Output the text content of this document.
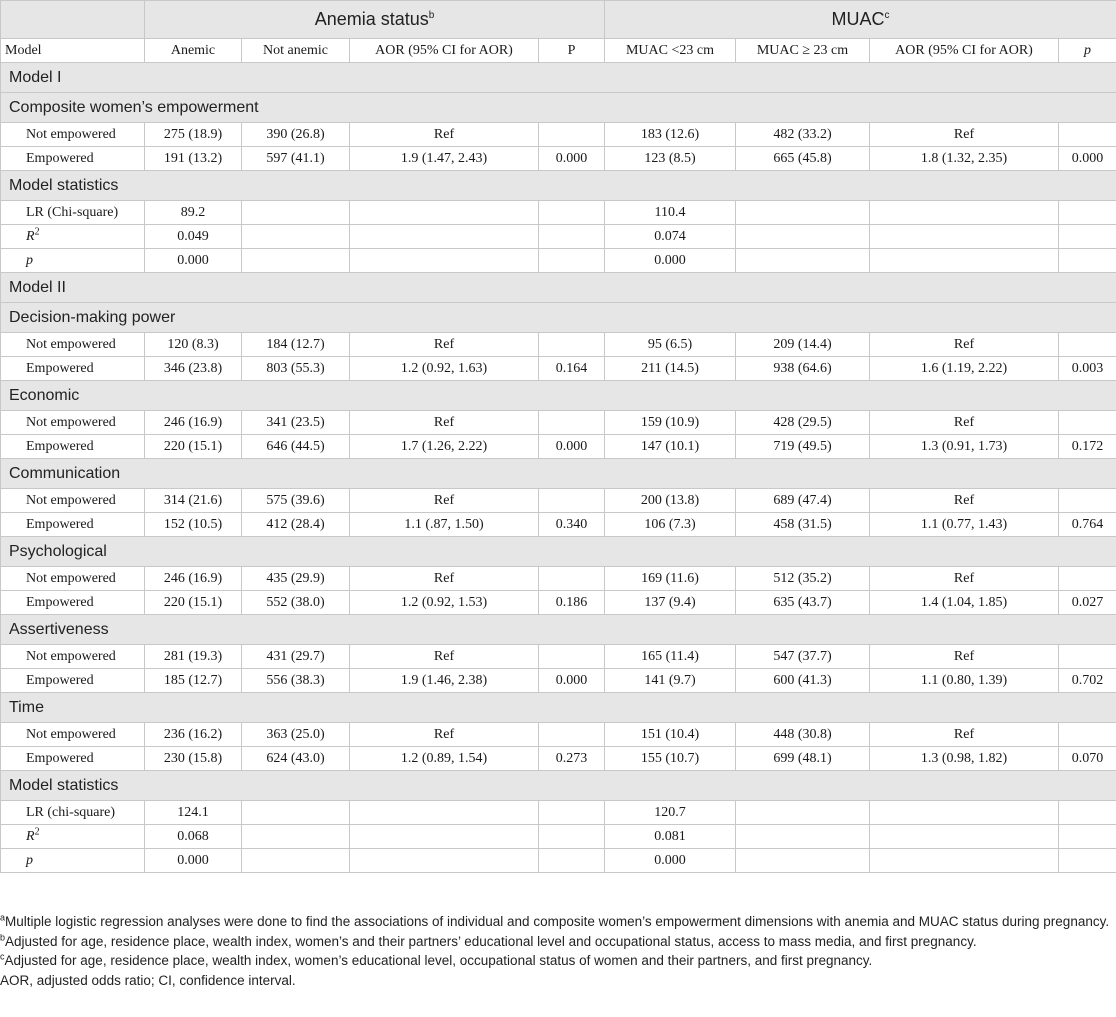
	Anemia status$^b$				MUAC$^c$
Model	Anemic	Not anemic	AOR (95% CI for AOR)	P	MUAC <23 cm	MUAC ≥ 23 cm	AOR (95% CI for AOR)	p
Model I								
Composite women’s empowerment								
Not empowered	275 (18.9)	390 (26.8)	Ref		183 (12.6)	482 (33.2)	Ref	
Empowered	191 (13.2)	597 (41.1)	1.9 (1.47, 2.43)	0.000	123 (8.5)	665 (45.8)	1.8 (1.32, 2.35)	0.000
Model statistics								
LR (Chi-square)	89.2				110.4			
$R^2$	0.049				0.074			
p	0.000				0.000			
Model II								
Decision-making power								
Not empowered	120 (8.3)	184 (12.7)	Ref		95 (6.5)	209 (14.4)	Ref	
Empowered	346 (23.8)	803 (55.3)	1.2 (0.92, 1.63)	0.164	211 (14.5)	938 (64.6)	1.6 (1.19, 2.22)	0.003
Economic								
Not empowered	246 (16.9)	341 (23.5)	Ref		159 (10.9)	428 (29.5)	Ref	
Empowered	220 (15.1)	646 (44.5)	1.7 (1.26, 2.22)	0.000	147 (10.1)	719 (49.5)	1.3 (0.91, 1.73)	0.172
Communication								
Not empowered	314 (21.6)	575 (39.6)	Ref		200 (13.8)	689 (47.4)	Ref	
Empowered	152 (10.5)	412 (28.4)	1.1 (.87, 1.50)	0.340	106 (7.3)	458 (31.5)	1.1 (0.77, 1.43)	0.764
Psychological								
Not empowered	246 (16.9)	435 (29.9)	Ref		169 (11.6)	512 (35.2)	Ref	
Empowered	220 (15.1)	552 (38.0)	1.2 (0.92, 1.53)	0.186	137 (9.4)	635 (43.7)	1.4 (1.04, 1.85)	0.027
Assertiveness								
Not empowered	281 (19.3)	431 (29.7)	Ref		165 (11.4)	547 (37.7)	Ref	
Empowered	185 (12.7)	556 (38.3)	1.9 (1.46, 2.38)	0.000	141 (9.7)	600 (41.3)	1.1 (0.80, 1.39)	0.702
Time								
Not empowered	236 (16.2)	363 (25.0)	Ref		151 (10.4)	448 (30.8)	Ref	
Empowered	230 (15.8)	624 (43.0)	1.2 (0.89, 1.54)	0.273	155 (10.7)	699 (48.1)	1.3 (0.98, 1.82)	0.070
Model statistics								
LR (chi-square)	124.1				120.7			
$R^2$	0.068				0.081			
p	0.000				0.000			

$^a$Multiple logistic regression analyses were done to find the associations of individual and composite women’s empowerment dimensions with anemia and MUAC status during pregnancy.

$^b$Adjusted for age, residence place, wealth index, women’s and their partners’ educational level and occupational status, access to mass media, and first pregnancy.

$^c$Adjusted for age, residence place, wealth index, women’s educational level, occupational status of women and their partners, and first pregnancy.

AOR, adjusted odds ratio; CI, confidence interval.
